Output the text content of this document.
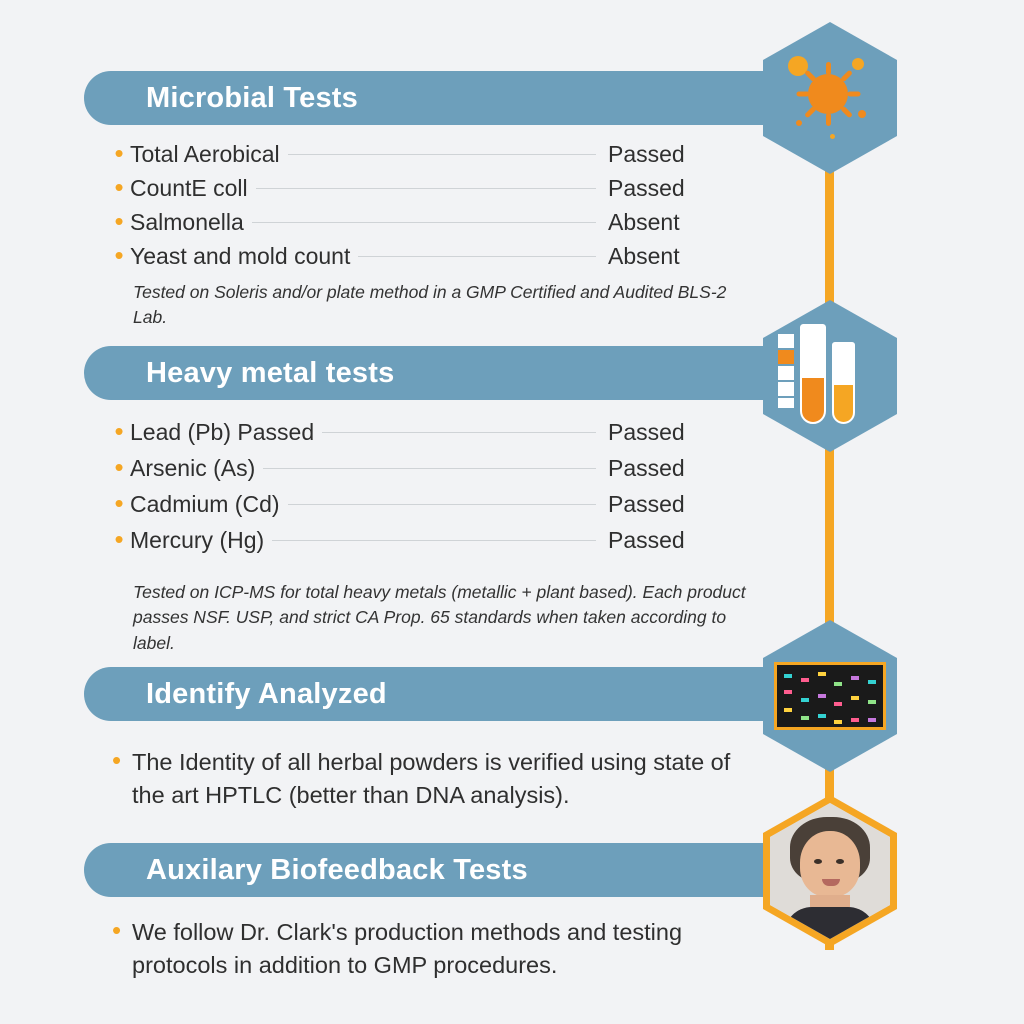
Microbial Tests
• Total Aerobical	Passed
• CountE coll	Passed
• Salmonella	Absent
• Yeast and mold count	Absent
Tested on Soleris and/or plate method in a GMP Certified and Audited BLS-2 Lab.
Heavy metal tests
• Lead (Pb) Passed	Passed
• Arsenic (As)	Passed
• Cadmium (Cd)	Passed
• Mercury (Hg)	Passed
Tested on ICP-MS for total heavy metals (metallic + plant based). Each product passes NSF. USP, and strict CA Prop. 65 standards when taken according to label.
Identify Analyzed
• The Identity of all herbal powders is verified using state of the art HPTLC (better than DNA analysis).
Auxilary Biofeedback Tests
• We follow Dr. Clark's production methods and testing protocols in addition to GMP procedures.
